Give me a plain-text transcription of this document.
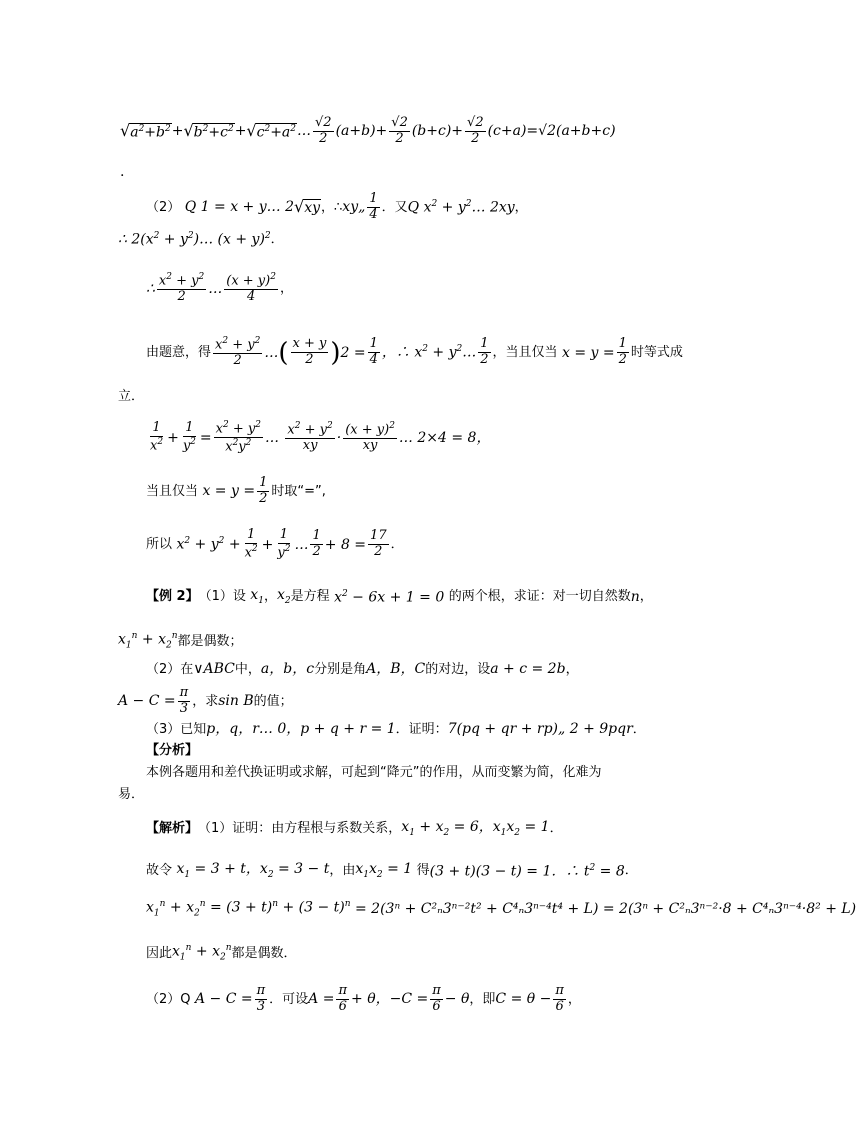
√ $a^2+b^2$ + √ $b^2+c^2$ + √ $c^2+a^2$ … $\frac{√2}{2} (a+b)+ \frac{√2}{2} (b+c)+ \frac{√2}{2} (c+a)=√2(a+b+c)$
.
（2） Q 1 = x + y… 2 √ xy ，∴ xy„ $\frac{1}{4}$ ．又 Q $x^2$ + $y^2\dots$ 2xy ，
∴ $2(x^2$ + $y^2)\dots$ $(x + y)^2$ ．
∴ $\frac{x^2 + y^2}{2}$ … $\frac{(x + y)^2}{4}$ ，
由题意，得 $\frac{x^2 + y^2}{2}$ … ( $\frac{x + y}{2}$ ) $2 = \frac{1}{4}$ ，∴ $x^2$ + $y^2\dots \frac{1}{2}$ ，当且仅当 $x = y = \frac{1}{2}$ 时等式成
立．
$\frac{1}{x^2} + \frac{1}{y^2} = \frac{x^2 + y^2}{x^2y^2}$ … $\frac{x^2 + y^2}{xy} \cdot \frac{(x + y)^2}{xy}$ … 2×4 = 8，
当且仅当 $x = y = \frac{1}{2}$ 时取“=”,
所以 $x^2 + y^2 + \frac{1}{x^2} + \frac{1}{y^2}$ … $\frac{1}{2} + 8 = \frac{17}{2}$ ．
【例 2】 （1）设 $x_1$ ， $x_2$ 是方程 $x^2 - 6x + 1 = 0$ 的两个根，求证：对一切自然数 n ，
$x_1^n + x_2^n$ 都是偶数；
（2）在 ∨ABC 中， a，b，c 分别是角 A，B，C 的对边，设 a + c = 2b ，
$A - C = \frac{\pi}{3}$ ，求 sin B 的值；
（3）已知 p，q，r… 0，p + q + r = 1 ．证明： 7(pq + qr + rp)„ 2 + 9pqr ．
【分析】
本例各题用和差代换证明或求解，可起到“降元”的作用，从而变繁为简，化难为
易．
【解析】 （1）证明：由方程根与系数关系， $x_1 + x_2 = 6$，$x_1x_2 = 1$ ．
故令 $x_1 = 3 + t$，$x_2 = 3 - t$ ，由 $x_1x_2 = 1$ 得 (3 + t)(3 − t) = 1．∴ $t^2 = 8$ ．
$x_1^n + x_2^n = (3 + t)^n + (3 - t)^n = 2(3^n + C^2_n3^{n-2}t^2 + C^4_n3^{n-4}t^4 + L) = 2(3^n + C^2_n3^{n-2}\cdot 8 + C^4_n3^{n-4}\cdot 8^2 + L)$
因此 $x_1^n + x_2^n$ 都是偶数．
（2）Q $A - C = \frac{\pi}{3}$ ．可设 $A = \frac{\pi}{6} + \theta$，$-C = \frac{\pi}{6} - \theta$ ，即 $C = \theta - \frac{\pi}{6}$ ，
